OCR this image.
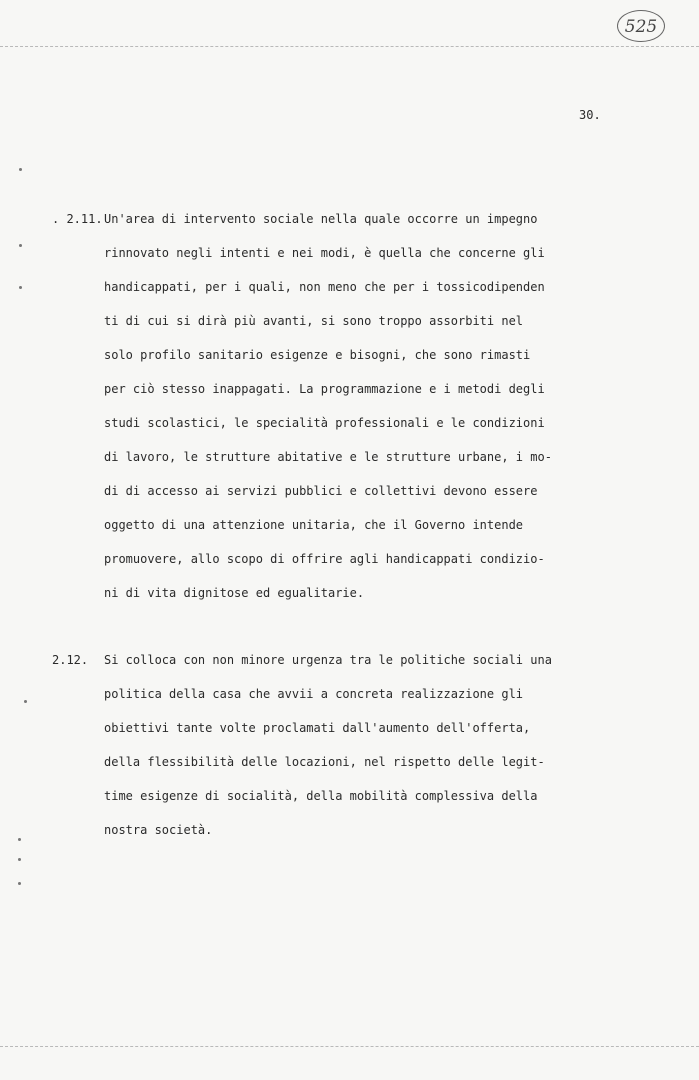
525
30.
. 2.11. Un'area di intervento sociale nella quale occorre un impegno
rinnovato negli intenti e nei modi, è quella che concerne gli
handicappati, per i quali, non meno che per i tossicodipenden
ti di cui si dirà più avanti, si sono troppo assorbiti nel
solo profilo sanitario esigenze e bisogni, che sono rimasti
per ciò stesso inappagati. La programmazione e i metodi degli
studi scolastici, le specialità professionali e le condizioni
di lavoro, le strutture abitative e le strutture urbane, i mo-
di di accesso ai servizi pubblici e collettivi devono essere
oggetto di una attenzione unitaria, che il Governo intende
promuovere, allo scopo di offrire agli handicappati condizio-
ni di vita dignitose ed egualitarie.
2.12. Si colloca con non minore urgenza tra le politiche sociali una
politica della casa che avvii a concreta realizzazione gli
obiettivi tante volte proclamati dall'aumento dell'offerta,
della flessibilità delle locazioni, nel rispetto delle legit-
time esigenze di socialità, della mobilità complessiva della
nostra società.
